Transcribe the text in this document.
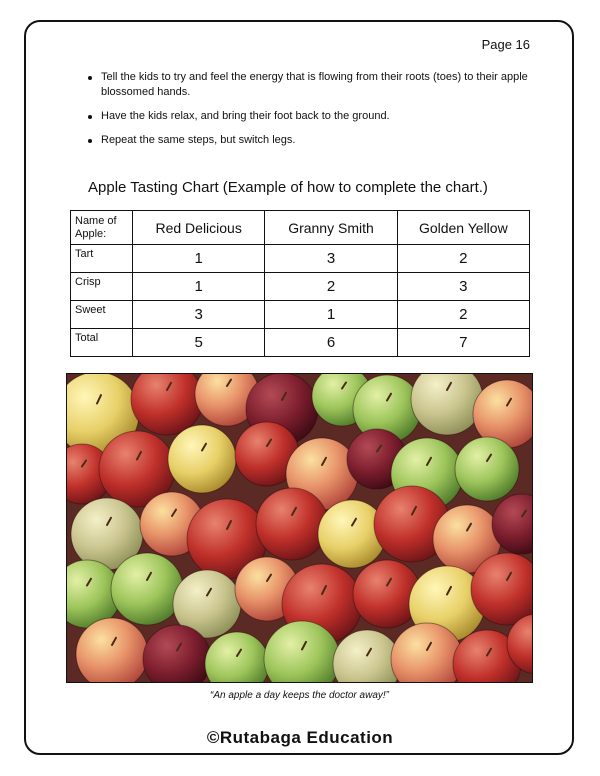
Page 16
Tell the kids to try and feel the energy that is flowing from their roots (toes) to their apple blossomed hands.
Have the kids relax, and bring their foot back to the ground.
Repeat the same steps, but switch legs.
Apple Tasting Chart (Example of how to complete the chart.)
Name of Apple:	Red Delicious	Granny Smith	Golden Yellow
Tart	1	3	2
Crisp	1	2	3
Sweet	3	1	2
Total	5	6	7
“An apple a day keeps the doctor away!”
©Rutabaga Education
